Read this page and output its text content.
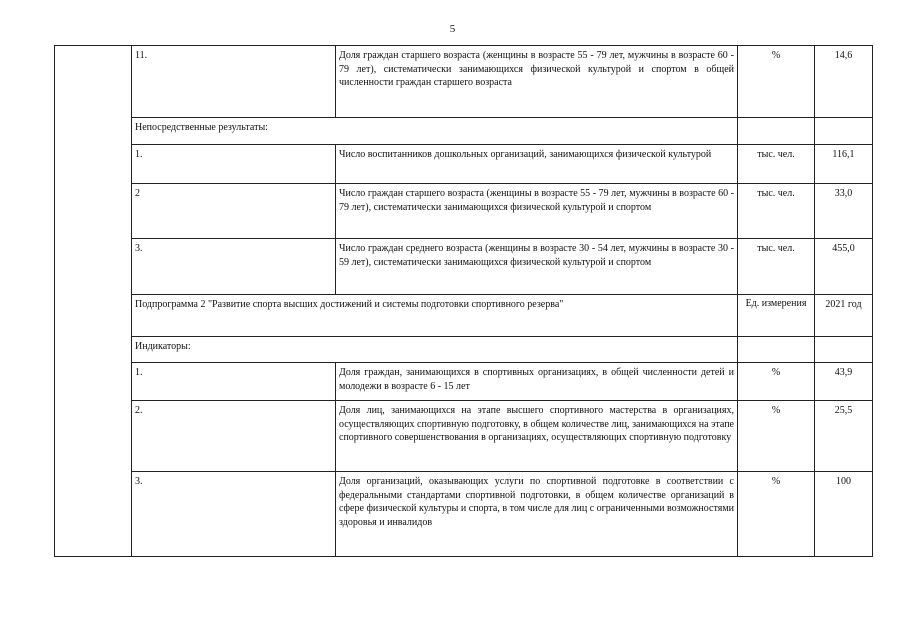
5
	11.	Доля граждан старшего возраста (женщины в возрасте 55 - 79 лет, мужчины в возрасте 60 - 79 лет), систематически занимающихся физической культурой и спортом в общей численности граждан старшего возраста	%	14,6
	Непосредственные результаты:			
	1.	Число воспитанников дошкольных организаций, занимающихся физической культурой	тыс. чел.	116,1
	2	Число граждан старшего возраста (женщины в возрасте 55 - 79 лет, мужчины в возрасте 60 - 79 лет), систематически занимающихся физической культурой и спортом	тыс. чел.	33,0
	3.	Число граждан среднего возраста (женщины в возрасте 30 - 54 лет, мужчины в возрасте 30 - 59 лет), систематически занимающихся физической культурой и спортом	тыс. чел.	455,0
	Подпрограмма 2 "Развитие спорта высших достижений и системы подготовки спортивного резерва"		Ед. измерения	2021 год
	Индикаторы:			
	1.	Доля граждан, занимающихся в спортивных организациях, в общей численности детей и молодежи в возрасте 6 - 15 лет	%	43,9
	2.	Доля лиц, занимающихся на этапе высшего спортивного мастерства в организациях, осуществляющих спортивную подготовку, в общем количестве лиц, занимающихся на этапе спортивного совершенствования в организациях, осуществляющих спортивную подготовку	%	25,5
	3.	Доля организаций, оказывающих услуги по спортивной подготовке в соответствии с федеральными стандартами спортивной подготовки, в общем количестве организаций в сфере физической культуры и спорта, в том числе для лиц с ограниченными возможностями здоровья и инвалидов	%	100
